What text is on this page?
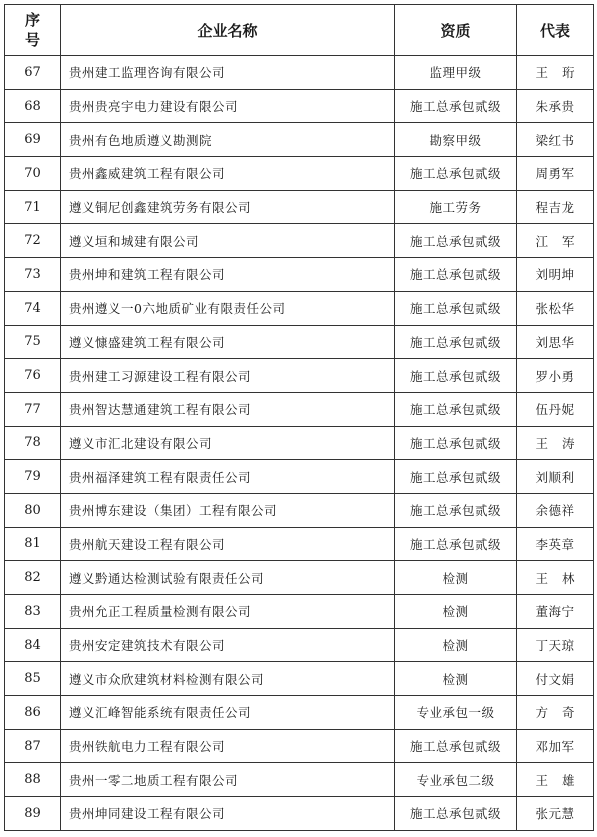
序号	企业名称	资质	代表
67	贵州建工监理咨询有限公司	监理甲级	王珩
68	贵州贵亮宇电力建设有限公司	施工总承包贰级	朱承贵
69	贵州有色地质遵义勘测院	勘察甲级	梁红书
70	贵州鑫威建筑工程有限公司	施工总承包贰级	周勇军
71	遵义铜尼创鑫建筑劳务有限公司	施工劳务	程吉龙
72	遵义垣和城建有限公司	施工总承包贰级	江军
73	贵州坤和建筑工程有限公司	施工总承包贰级	刘明坤
74	贵州遵义一0六地质矿业有限责任公司	施工总承包贰级	张松华
75	遵义慷盛建筑工程有限公司	施工总承包贰级	刘思华
76	贵州建工习源建设工程有限公司	施工总承包贰级	罗小勇
77	贵州智达慧通建筑工程有限公司	施工总承包贰级	伍丹妮
78	遵义市汇北建设有限公司	施工总承包贰级	王涛
79	贵州福泽建筑工程有限责任公司	施工总承包贰级	刘顺利
80	贵州博东建设（集团）工程有限公司	施工总承包贰级	余德祥
81	贵州航天建设工程有限公司	施工总承包贰级	李英章
82	遵义黔通达检测试验有限责任公司	检测	王林
83	贵州允正工程质量检测有限公司	检测	董海宁
84	贵州安定建筑技术有限公司	检测	丁天琼
85	遵义市众欣建筑材料检测有限公司	检测	付文娟
86	遵义汇峰智能系统有限责任公司	专业承包一级	方奇
87	贵州铁航电力工程有限公司	施工总承包贰级	邓加军
88	贵州一零二地质工程有限公司	专业承包二级	王雄
89	贵州坤同建设工程有限公司	施工总承包贰级	张元慧
